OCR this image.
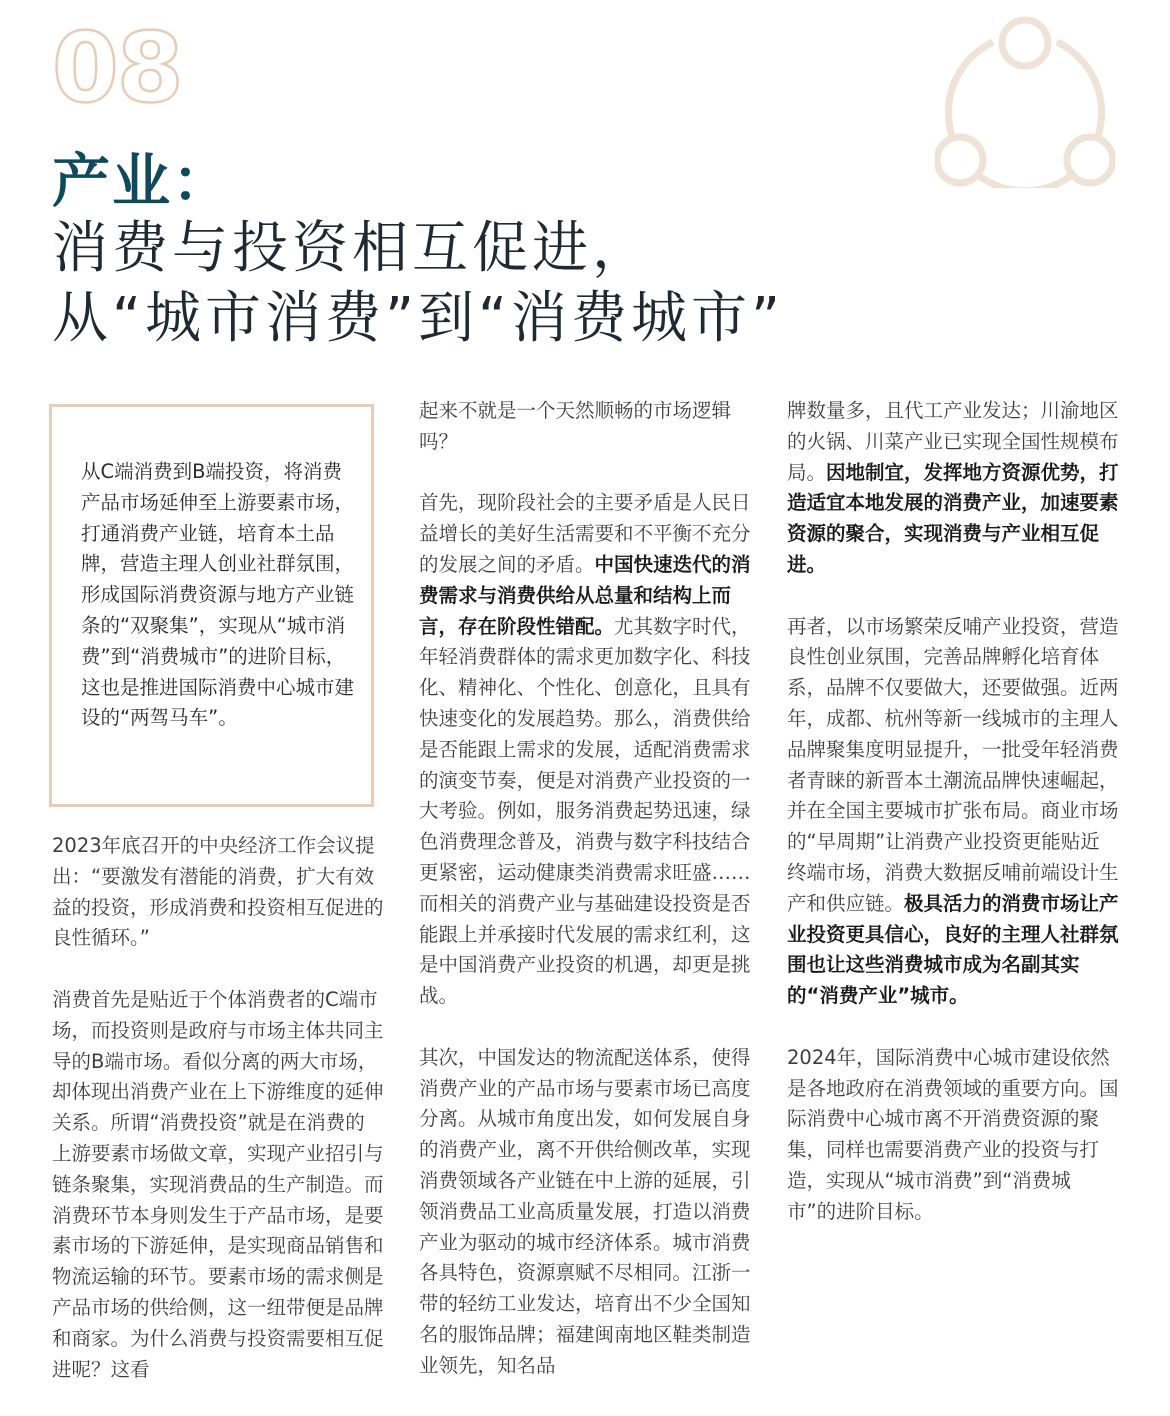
08
产业：
消费与投资相互促进，
从“城市消费”到“消费城市”

从C端消费到B端投资，将消费产品市场延伸至上游要素市场，打通消费产业链，培育本土品牌，营造主理人创业社群氛围，形成国际消费资源与地方产业链条的“双聚集”，实现从“城市消费”到“消费城市”的进阶目标，这也是推进国际消费中心城市建设的“两驾马车”。

2023年底召开的中央经济工作会议提出：“要激发有潜能的消费，扩大有效益的投资，形成消费和投资相互促进的良性循环。”

消费首先是贴近于个体消费者的C端市场，而投资则是政府与市场主体共同主导的B端市场。看似分离的两大市场，却体现出消费产业在上下游维度的延伸关系。所谓“消费投资”就是在消费的上游要素市场做文章，实现产业招引与链条聚集，实现消费品的生产制造。而消费环节本身则发生于产品市场，是要素市场的下游延伸，是实现商品销售和物流运输的环节。要素市场的需求侧是产品市场的供给侧，这一纽带便是品牌和商家。为什么消费与投资需要相互促进呢？这看

起来不就是一个天然顺畅的市场逻辑吗？

首先，现阶段社会的主要矛盾是人民日益增长的美好生活需要和不平衡不充分的发展之间的矛盾。中国快速迭代的消费需求与消费供给从总量和结构上而言，存在阶段性错配。尤其数字时代，年轻消费群体的需求更加数字化、科技化、精神化、个性化、创意化，且具有快速变化的发展趋势。那么，消费供给是否能跟上需求的发展，适配消费需求的演变节奏，便是对消费产业投资的一大考验。例如，服务消费起势迅速，绿色消费理念普及，消费与数字科技结合更紧密，运动健康类消费需求旺盛……而相关的消费产业与基础建设投资是否能跟上并承接时代发展的需求红利，这是中国消费产业投资的机遇，却更是挑战。

其次，中国发达的物流配送体系，使得消费产业的产品市场与要素市场已高度分离。从城市角度出发，如何发展自身的消费产业，离不开供给侧改革，实现消费领域各产业链在中上游的延展，引领消费品工业高质量发展，打造以消费产业为驱动的城市经济体系。城市消费各具特色，资源禀赋不尽相同。江浙一带的轻纺工业发达，培育出不少全国知名的服饰品牌；福建闽南地区鞋类制造业领先，知名品

牌数量多，且代工产业发达；川渝地区的火锅、川菜产业已实现全国性规模布局。因地制宜，发挥地方资源优势，打造适宜本地发展的消费产业，加速要素资源的聚合，实现消费与产业相互促进。

再者，以市场繁荣反哺产业投资，营造良性创业氛围，完善品牌孵化培育体系，品牌不仅要做大，还要做强。近两年，成都、杭州等新一线城市的主理人品牌聚集度明显提升，一批受年轻消费者青睐的新晋本土潮流品牌快速崛起，并在全国主要城市扩张布局。商业市场的“早周期”让消费产业投资更能贴近终端市场，消费大数据反哺前端设计生产和供应链。极具活力的消费市场让产业投资更具信心，良好的主理人社群氛围也让这些消费城市成为名副其实的“消费产业”城市。

2024年，国际消费中心城市建设依然是各地政府在消费领域的重要方向。国际消费中心城市离不开消费资源的聚集，同样也需要消费产业的投资与打造，实现从“城市消费”到“消费城市”的进阶目标。
